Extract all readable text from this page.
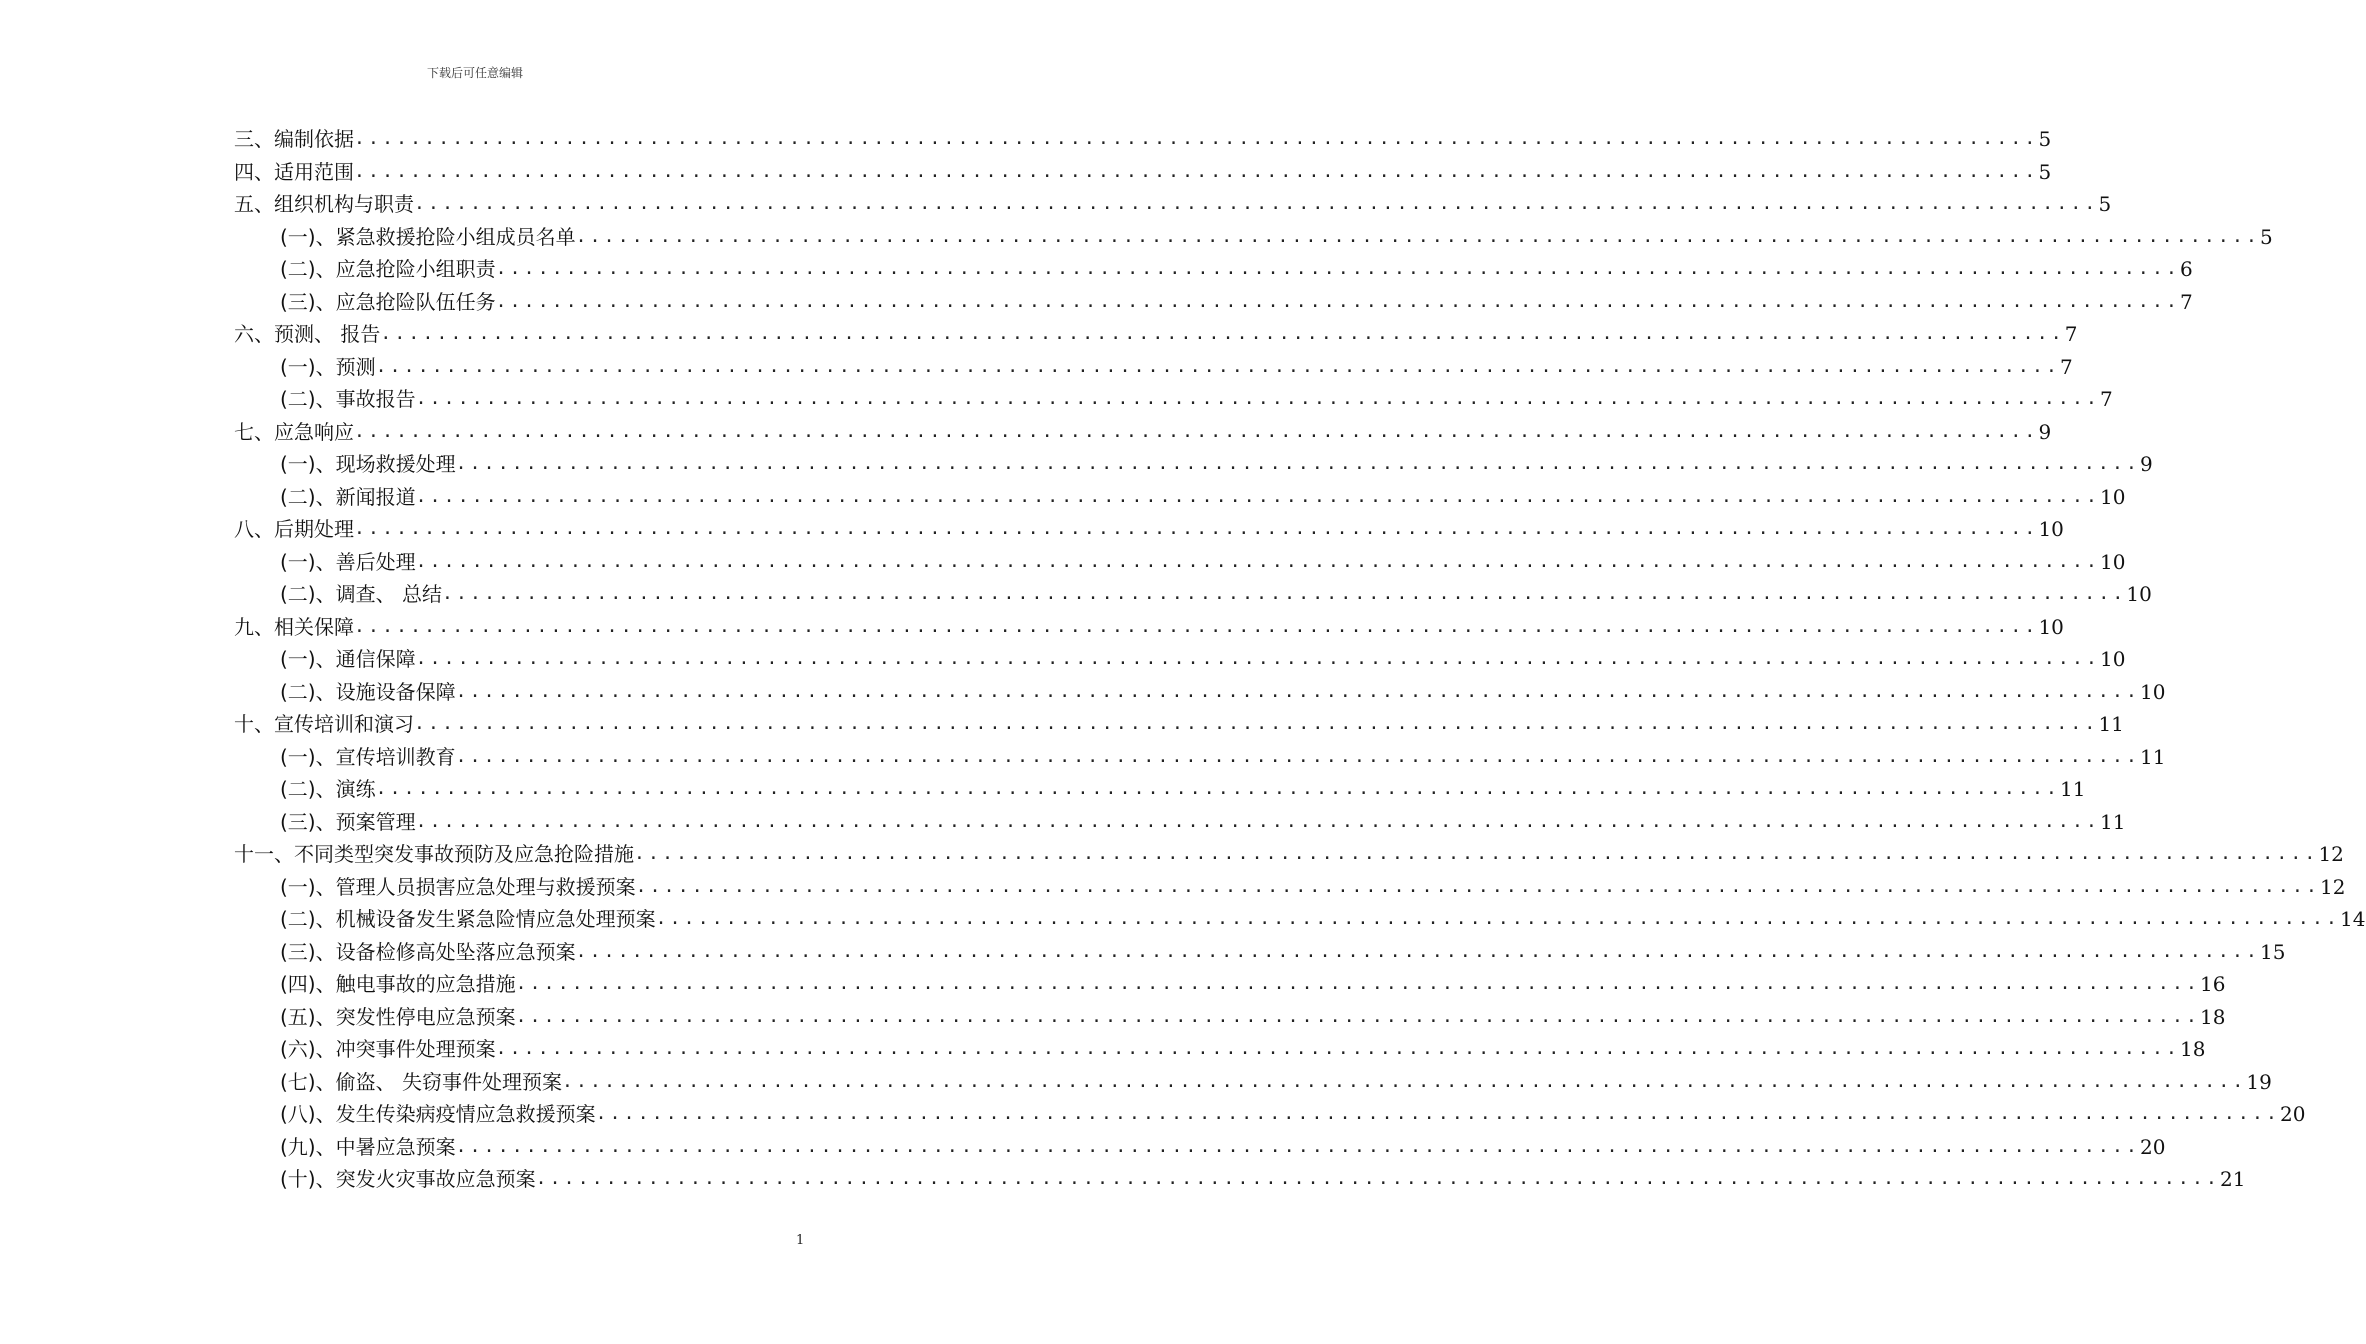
下载后可任意编辑
三、 编制依据 ........................................................................................................................ 5
四、 适用范围 ........................................................................................................................ 5
五、 组织机构与职责 ........................................................................................................................ 5
(一)、 紧急救援抢险小组成员名单 ........................................................................................................................ 5
(二)、 应急抢险小组职责 ........................................................................................................................ 6
(三)、 应急抢险队伍任务 ........................................................................................................................ 7
六、 预测、 报告 ........................................................................................................................ 7
(一)、 预测 ........................................................................................................................ 7
(二)、 事故报告 ........................................................................................................................ 7
七、 应急响应 ........................................................................................................................ 9
(一)、 现场救援处理 ........................................................................................................................ 9
(二)、 新闻报道 ........................................................................................................................ 10
八、 后期处理 ........................................................................................................................ 10
(一)、 善后处理 ........................................................................................................................ 10
(二)、 调查、 总结 ........................................................................................................................ 10
九、 相关保障 ........................................................................................................................ 10
(一)、 通信保障 ........................................................................................................................ 10
(二)、 设施设备保障 ........................................................................................................................ 10
十、 宣传培训和演习 ........................................................................................................................ 11
(一)、 宣传培训教育 ........................................................................................................................ 11
(二)、 演练 ........................................................................................................................ 11
(三)、 预案管理 ........................................................................................................................ 11
十一、 不同类型突发事故预防及应急抢险措施 ........................................................................................................................ 12
(一)、 管理人员损害应急处理与救援预案 ........................................................................................................................ 12
(二)、 机械设备发生紧急险情应急处理预案 ........................................................................................................................ 14
(三)、 设备检修高处坠落应急预案 ........................................................................................................................ 15
(四)、 触电事故的应急措施 ........................................................................................................................ 16
(五)、 突发性停电应急预案 ........................................................................................................................ 18
(六)、 冲突事件处理预案 ........................................................................................................................ 18
(七)、 偷盗、 失窃事件处理预案 ........................................................................................................................ 19
(八)、 发生传染病疫情应急救援预案 ........................................................................................................................ 20
(九)、 中暑应急预案 ........................................................................................................................ 20
(十)、 突发火灾事故应急预案 ........................................................................................................................ 21
1
